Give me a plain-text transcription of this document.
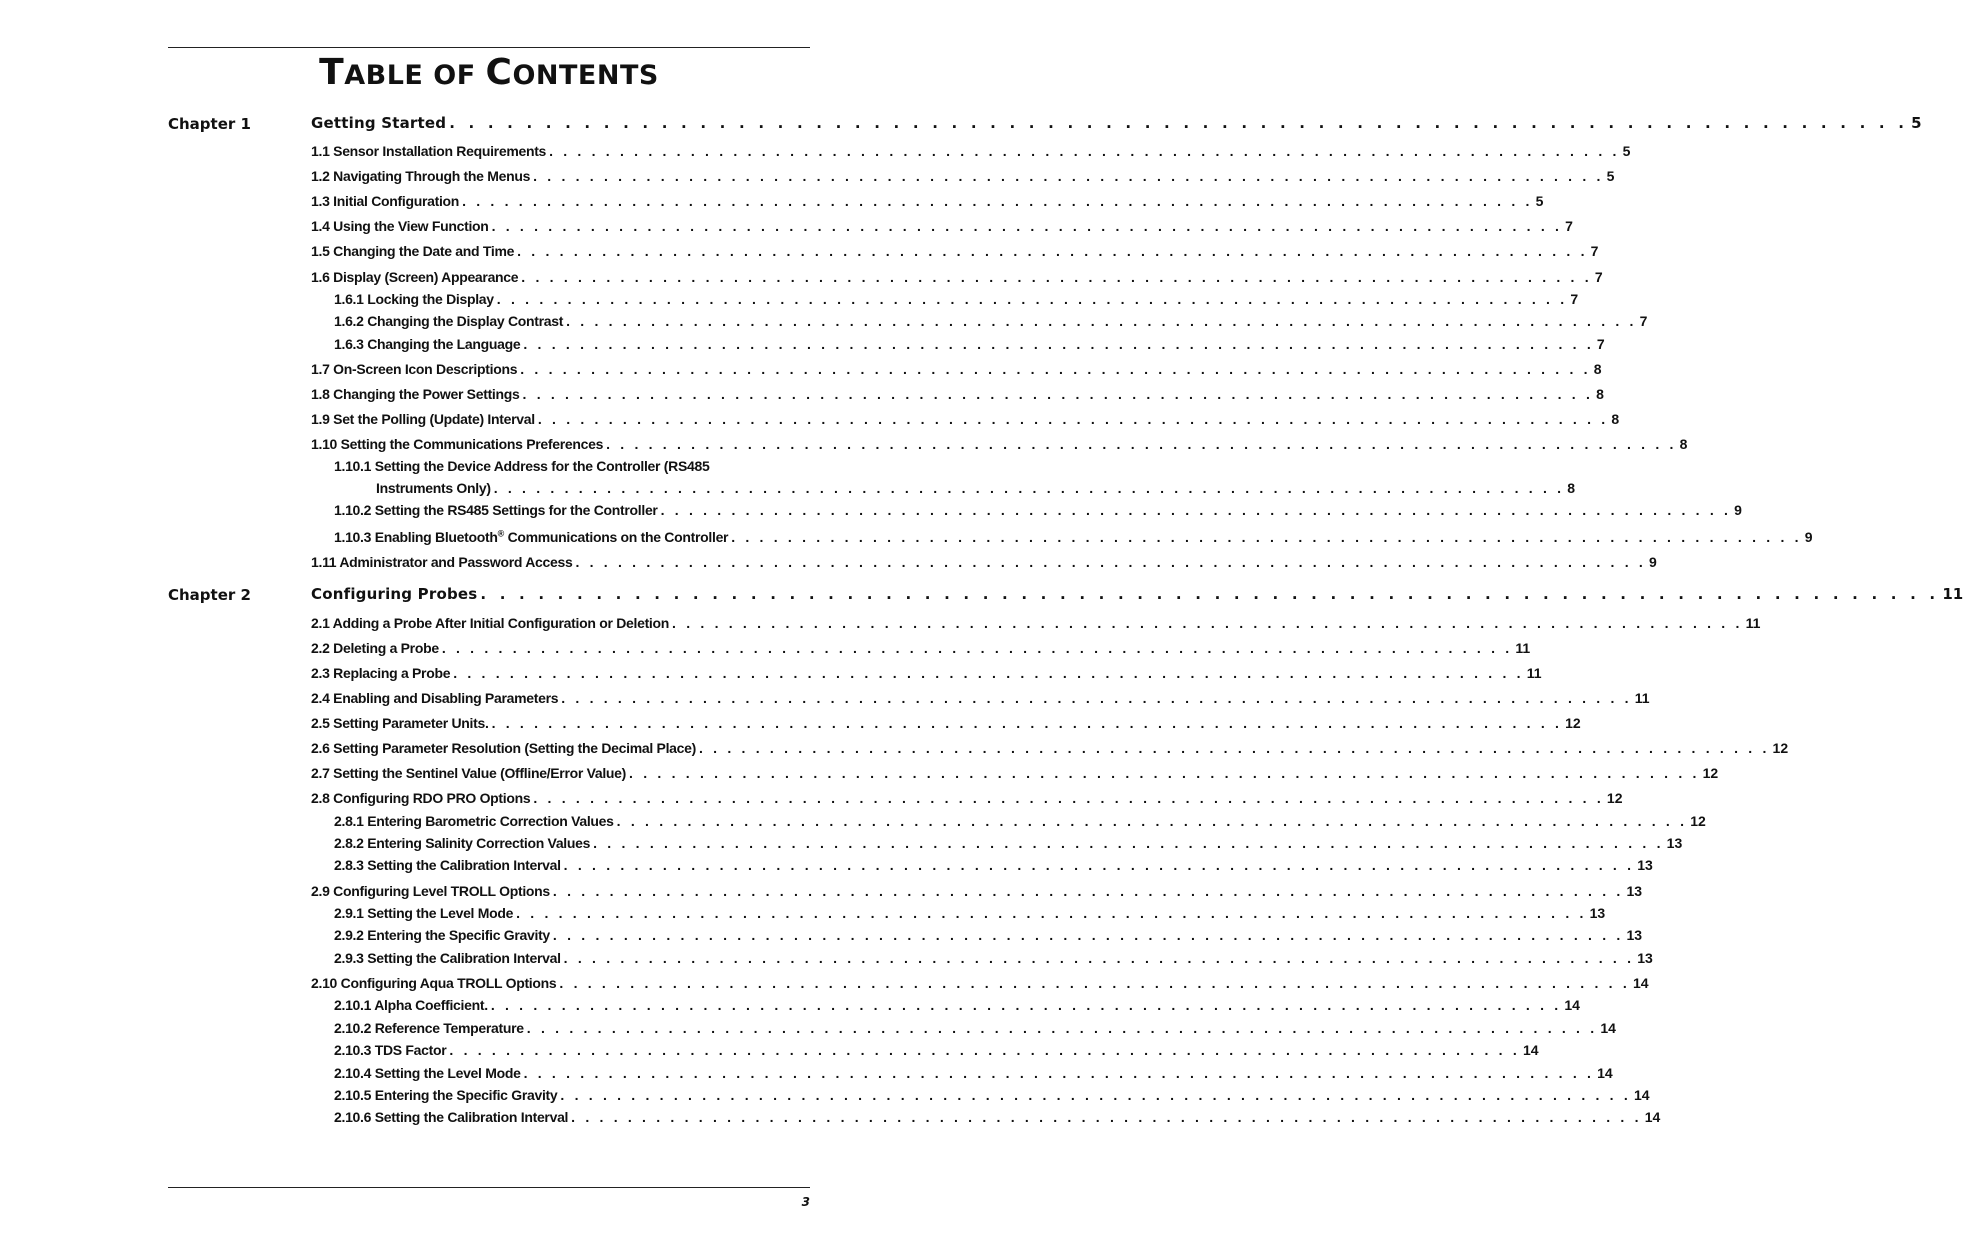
TABLE OF CONTENTS
Chapter 1	Getting Started . . . . . . . . . . . . . . . . . . . . . . . . . . . . . . . . . . . . . . . . . . . . . . . . . . . . . . . . . . . . . . . . . . . . . . . . . . . . 5
1.1 Sensor Installation Requirements . . . . . . . . . . . . . . . . . . . . . . . . . . . . . . . . . . . . . . . . . . . . . . . . . . . . . . . . . . . . . . . . . . . . . . . . . . . . 5
1.2 Navigating Through the Menus . . . . . . . . . . . . . . . . . . . . . . . . . . . . . . . . . . . . . . . . . . . . . . . . . . . . . . . . . . . . . . . . . . . . . . . . . . . . 5
1.3 Initial Configuration . . . . . . . . . . . . . . . . . . . . . . . . . . . . . . . . . . . . . . . . . . . . . . . . . . . . . . . . . . . . . . . . . . . . . . . . . . . . 5
1.4 Using the View Function . . . . . . . . . . . . . . . . . . . . . . . . . . . . . . . . . . . . . . . . . . . . . . . . . . . . . . . . . . . . . . . . . . . . . . . . . . . . 7
1.5 Changing the Date and Time . . . . . . . . . . . . . . . . . . . . . . . . . . . . . . . . . . . . . . . . . . . . . . . . . . . . . . . . . . . . . . . . . . . . . . . . . . . . 7
1.6 Display (Screen) Appearance . . . . . . . . . . . . . . . . . . . . . . . . . . . . . . . . . . . . . . . . . . . . . . . . . . . . . . . . . . . . . . . . . . . . . . . . . . . . 7
1.6.1 Locking the Display . . . . . . . . . . . . . . . . . . . . . . . . . . . . . . . . . . . . . . . . . . . . . . . . . . . . . . . . . . . . . . . . . . . . . . . . . . . . 7
1.6.2 Changing the Display Contrast . . . . . . . . . . . . . . . . . . . . . . . . . . . . . . . . . . . . . . . . . . . . . . . . . . . . . . . . . . . . . . . . . . . . . . . . . . . . 7
1.6.3 Changing the Language . . . . . . . . . . . . . . . . . . . . . . . . . . . . . . . . . . . . . . . . . . . . . . . . . . . . . . . . . . . . . . . . . . . . . . . . . . . . 7
1.7 On-Screen Icon Descriptions . . . . . . . . . . . . . . . . . . . . . . . . . . . . . . . . . . . . . . . . . . . . . . . . . . . . . . . . . . . . . . . . . . . . . . . . . . . . 8
1.8 Changing the Power Settings . . . . . . . . . . . . . . . . . . . . . . . . . . . . . . . . . . . . . . . . . . . . . . . . . . . . . . . . . . . . . . . . . . . . . . . . . . . . 8
1.9 Set the Polling (Update) Interval . . . . . . . . . . . . . . . . . . . . . . . . . . . . . . . . . . . . . . . . . . . . . . . . . . . . . . . . . . . . . . . . . . . . . . . . . . . . 8
1.10 Setting the Communications Preferences . . . . . . . . . . . . . . . . . . . . . . . . . . . . . . . . . . . . . . . . . . . . . . . . . . . . . . . . . . . . . . . . . . . . . . . . . . . . 8
1.10.1 Setting the Device Address for the Controller (RS485
Instruments Only) . . . . . . . . . . . . . . . . . . . . . . . . . . . . . . . . . . . . . . . . . . . . . . . . . . . . . . . . . . . . . . . . . . . . . . . . . . . . 8
1.10.2 Setting the RS485 Settings for the Controller . . . . . . . . . . . . . . . . . . . . . . . . . . . . . . . . . . . . . . . . . . . . . . . . . . . . . . . . . . . . . . . . . . . . . . . . . . . . 9
1.10.3 Enabling Bluetooth® Communications on the Controller . . . . . . . . . . . . . . . . . . . . . . . . . . . . . . . . . . . . . . . . . . . . . . . . . . . . . . . . . . . . . . . . . . . . . . . . . . . . 9
1.11 Administrator and Password Access . . . . . . . . . . . . . . . . . . . . . . . . . . . . . . . . . . . . . . . . . . . . . . . . . . . . . . . . . . . . . . . . . . . . . . . . . . . . 9
Chapter 2	Configuring Probes . . . . . . . . . . . . . . . . . . . . . . . . . . . . . . . . . . . . . . . . . . . . . . . . . . . . . . . . . . . . . . . . . . . . . . . . . . . . 11
2.1 Adding a Probe After Initial Configuration or Deletion . . . . . . . . . . . . . . . . . . . . . . . . . . . . . . . . . . . . . . . . . . . . . . . . . . . . . . . . . . . . . . . . . . . . . . . . . . . . 11
2.2 Deleting a Probe . . . . . . . . . . . . . . . . . . . . . . . . . . . . . . . . . . . . . . . . . . . . . . . . . . . . . . . . . . . . . . . . . . . . . . . . . . . . 11
2.3 Replacing a Probe . . . . . . . . . . . . . . . . . . . . . . . . . . . . . . . . . . . . . . . . . . . . . . . . . . . . . . . . . . . . . . . . . . . . . . . . . . . . 11
2.4 Enabling and Disabling Parameters . . . . . . . . . . . . . . . . . . . . . . . . . . . . . . . . . . . . . . . . . . . . . . . . . . . . . . . . . . . . . . . . . . . . . . . . . . . . 11
2.5 Setting Parameter Units. . . . . . . . . . . . . . . . . . . . . . . . . . . . . . . . . . . . . . . . . . . . . . . . . . . . . . . . . . . . . . . . . . . . . . . . . . . . . 12
2.6 Setting Parameter Resolution (Setting the Decimal Place) . . . . . . . . . . . . . . . . . . . . . . . . . . . . . . . . . . . . . . . . . . . . . . . . . . . . . . . . . . . . . . . . . . . . . . . . . . . . 12
2.7 Setting the Sentinel Value (Offline/Error Value) . . . . . . . . . . . . . . . . . . . . . . . . . . . . . . . . . . . . . . . . . . . . . . . . . . . . . . . . . . . . . . . . . . . . . . . . . . . . 12
2.8 Configuring RDO PRO Options . . . . . . . . . . . . . . . . . . . . . . . . . . . . . . . . . . . . . . . . . . . . . . . . . . . . . . . . . . . . . . . . . . . . . . . . . . . . 12
2.8.1 Entering Barometric Correction Values . . . . . . . . . . . . . . . . . . . . . . . . . . . . . . . . . . . . . . . . . . . . . . . . . . . . . . . . . . . . . . . . . . . . . . . . . . . . 12
2.8.2 Entering Salinity Correction Values . . . . . . . . . . . . . . . . . . . . . . . . . . . . . . . . . . . . . . . . . . . . . . . . . . . . . . . . . . . . . . . . . . . . . . . . . . . . 13
2.8.3 Setting the Calibration Interval . . . . . . . . . . . . . . . . . . . . . . . . . . . . . . . . . . . . . . . . . . . . . . . . . . . . . . . . . . . . . . . . . . . . . . . . . . . . 13
2.9 Configuring Level TROLL Options . . . . . . . . . . . . . . . . . . . . . . . . . . . . . . . . . . . . . . . . . . . . . . . . . . . . . . . . . . . . . . . . . . . . . . . . . . . . 13
2.9.1 Setting the Level Mode . . . . . . . . . . . . . . . . . . . . . . . . . . . . . . . . . . . . . . . . . . . . . . . . . . . . . . . . . . . . . . . . . . . . . . . . . . . . 13
2.9.2 Entering the Specific Gravity . . . . . . . . . . . . . . . . . . . . . . . . . . . . . . . . . . . . . . . . . . . . . . . . . . . . . . . . . . . . . . . . . . . . . . . . . . . . 13
2.9.3 Setting the Calibration Interval . . . . . . . . . . . . . . . . . . . . . . . . . . . . . . . . . . . . . . . . . . . . . . . . . . . . . . . . . . . . . . . . . . . . . . . . . . . . 13
2.10 Configuring Aqua TROLL Options . . . . . . . . . . . . . . . . . . . . . . . . . . . . . . . . . . . . . . . . . . . . . . . . . . . . . . . . . . . . . . . . . . . . . . . . . . . . 14
2.10.1 Alpha Coefficient. . . . . . . . . . . . . . . . . . . . . . . . . . . . . . . . . . . . . . . . . . . . . . . . . . . . . . . . . . . . . . . . . . . . . . . . . . . . . 14
2.10.2 Reference Temperature . . . . . . . . . . . . . . . . . . . . . . . . . . . . . . . . . . . . . . . . . . . . . . . . . . . . . . . . . . . . . . . . . . . . . . . . . . . . 14
2.10.3 TDS Factor . . . . . . . . . . . . . . . . . . . . . . . . . . . . . . . . . . . . . . . . . . . . . . . . . . . . . . . . . . . . . . . . . . . . . . . . . . . . 14
2.10.4 Setting the Level Mode . . . . . . . . . . . . . . . . . . . . . . . . . . . . . . . . . . . . . . . . . . . . . . . . . . . . . . . . . . . . . . . . . . . . . . . . . . . . 14
2.10.5 Entering the Specific Gravity . . . . . . . . . . . . . . . . . . . . . . . . . . . . . . . . . . . . . . . . . . . . . . . . . . . . . . . . . . . . . . . . . . . . . . . . . . . . 14
2.10.6 Setting the Calibration Interval . . . . . . . . . . . . . . . . . . . . . . . . . . . . . . . . . . . . . . . . . . . . . . . . . . . . . . . . . . . . . . . . . . . . . . . . . . . . 14
3
